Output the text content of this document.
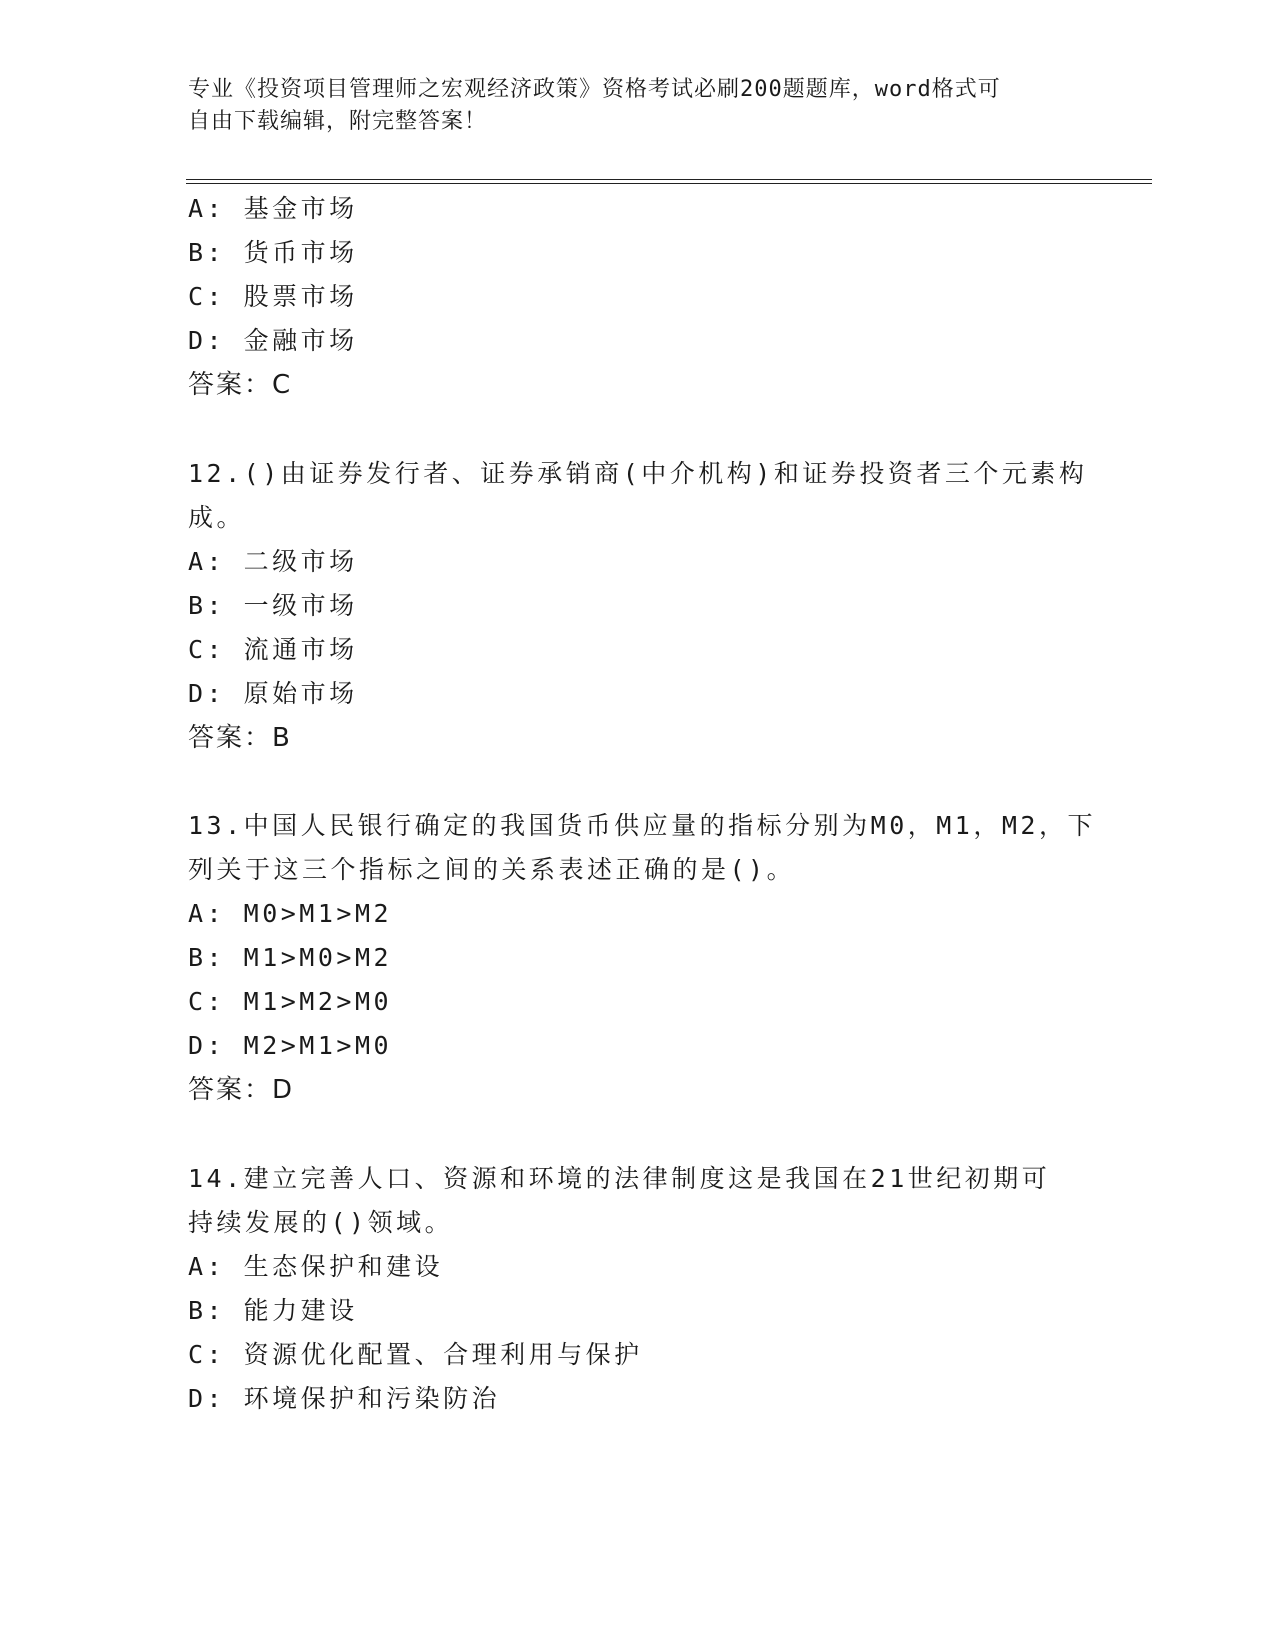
专业《投资项目管理师之宏观经济政策》资格考试必刷200题题库，word格式可
自由下载编辑，附完整答案！
A: 基金市场
B: 货币市场
C: 股票市场
D: 金融市场
答案：C
12.()由证券发行者、证券承销商(中介机构)和证券投资者三个元素构
成。
A: 二级市场
B: 一级市场
C: 流通市场
D: 原始市场
答案：B
13.中国人民银行确定的我国货币供应量的指标分别为M0，M1，M2，下
列关于这三个指标之间的关系表述正确的是()。
A: M0>M1>M2
B: M1>M0>M2
C: M1>M2>M0
D: M2>M1>M0
答案：D
14.建立完善人口、资源和环境的法律制度这是我国在21世纪初期可
持续发展的()领域。
A: 生态保护和建设
B: 能力建设
C: 资源优化配置、合理利用与保护
D: 环境保护和污染防治
